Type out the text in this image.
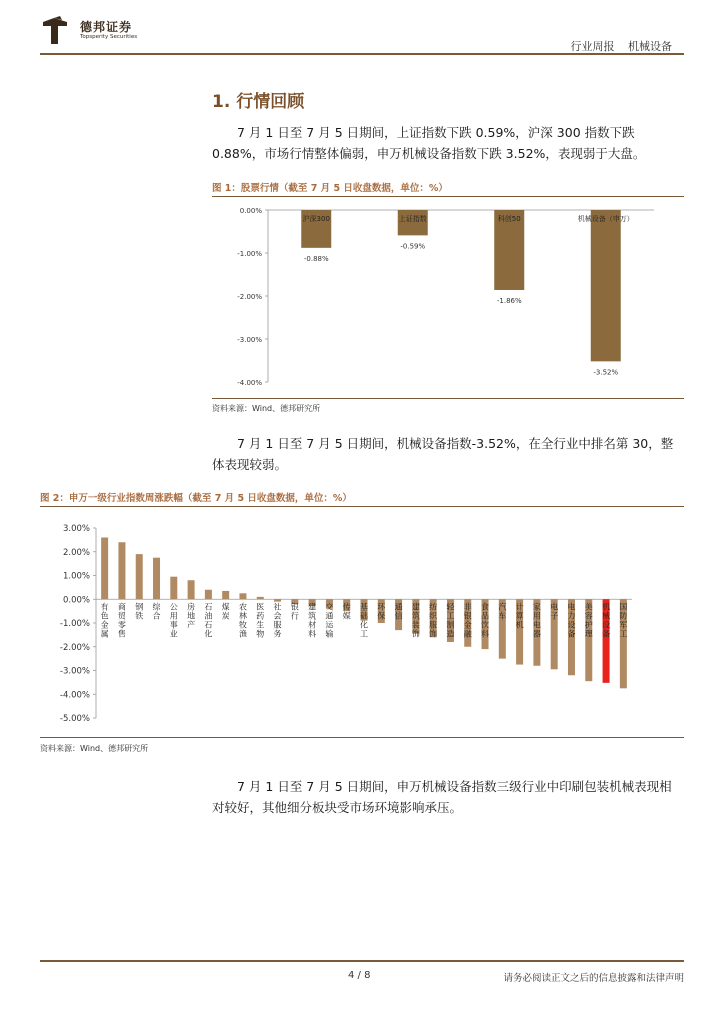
德邦证券
Topsperity Securities
行业周报 机械设备
1. 行情回顾
7 月 1 日至 7 月 5 日期间，上证指数下跌 0.59%，沪深 300 指数下跌 0.88%，市场行情整体偏弱，申万机械设备指数下跌 3.52%，表现弱于大盘。
图 1：股票行情（截至 7 月 5 日收盘数据，单位：%）
0.00%
-1.00%
-2.00%
-3.00%
-4.00%
沪深300
-0.88%
上证指数
-0.59%
科创50
-1.86%
机械设备（申万）
-3.52%
资料来源：Wind、德邦研究所
7 月 1 日至 7 月 5 日期间，机械设备指数-3.52%，在全行业中排名第 30，整体表现较弱。
图 2：申万一级行业指数周涨跌幅（截至 7 月 5 日收盘数据，单位：%）
3.00%
2.00%
1.00%
0.00%
-1.00%
-2.00%
-3.00%
-4.00%
-5.00%
有色金属
商贸零售
钢铁
综合
公用事业
房地产
石油石化
煤炭
农林牧渔
医药生物
社会服务
银行
建筑材料
交通运输
传媒
基础化工
环保
通信
建筑装饰
纺织服饰
轻工制造
非银金融
食品饮料
汽车
计算机
家用电器
电子
电力设备
美容护理
机械设备
国防军工
资料来源：Wind、德邦研究所
7 月 1 日至 7 月 5 日期间，申万机械设备指数三级行业中印刷包装机械表现相对较好，其他细分板块受市场环境影响承压。
4 / 8	请务必阅读正文之后的信息披露和法律声明
